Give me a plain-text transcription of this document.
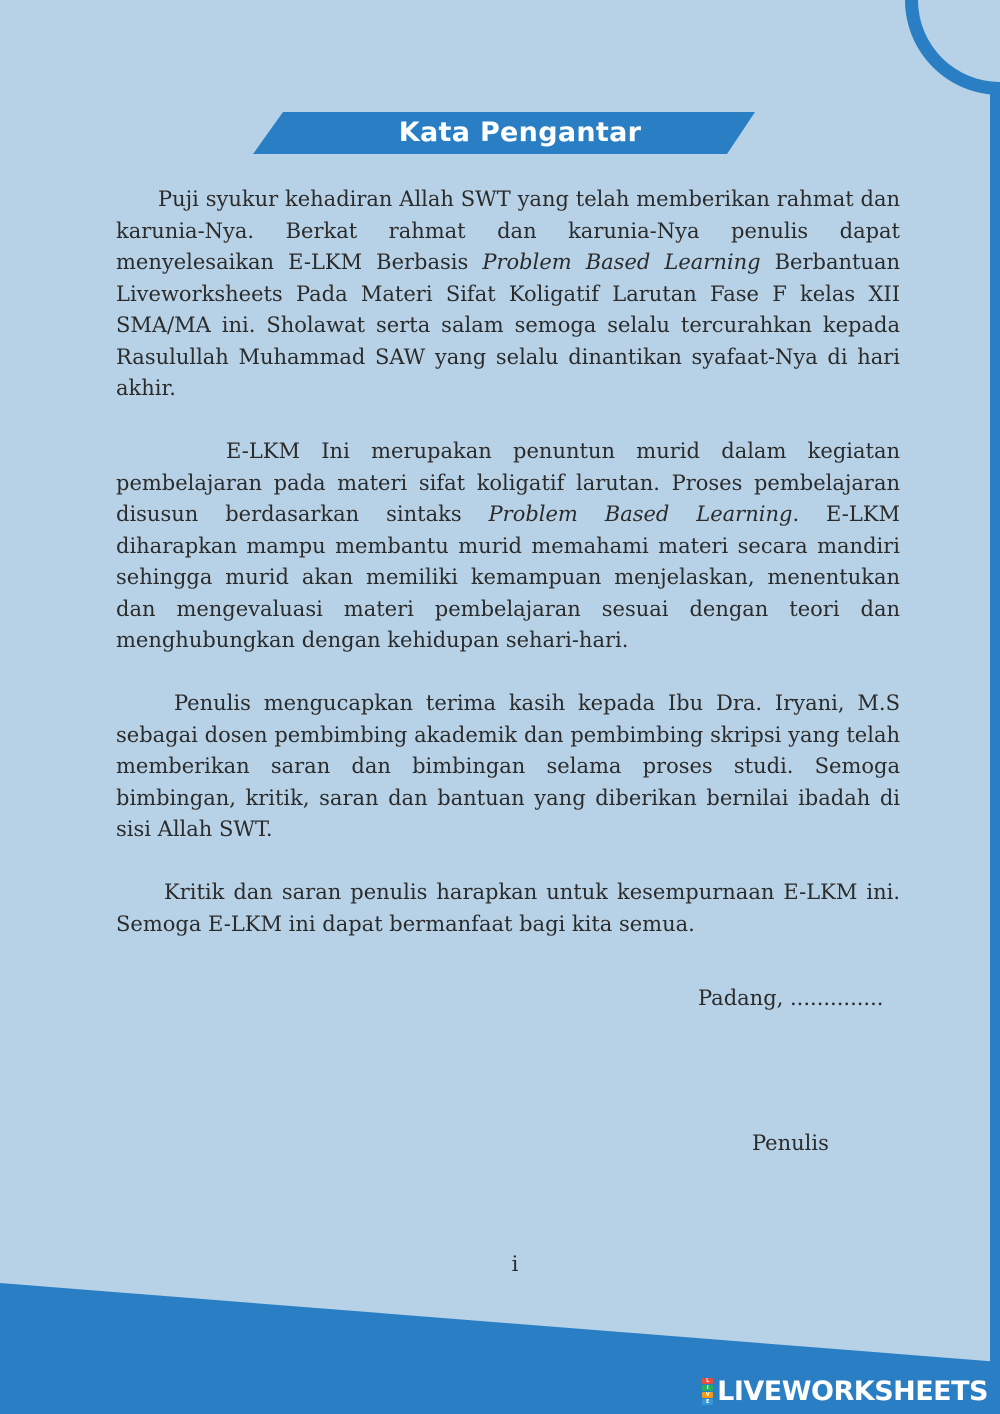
Kata Pengantar

Puji syukur kehadiran Allah SWT yang telah memberikan rahmat dan karunia-Nya. Berkat rahmat dan karunia-Nya penulis dapat menyelesaikan E-LKM Berbasis Problem Based Learning Berbantuan Liveworksheets Pada Materi Sifat Koligatif Larutan Fase F kelas XII SMA/MA ini. Sholawat serta salam semoga selalu tercurahkan kepada Rasulullah Muhammad SAW yang selalu dinantikan syafaat-Nya di hari akhir.

E-LKM Ini merupakan penuntun murid dalam kegiatan pembelajaran pada materi sifat koligatif larutan. Proses pembelajaran disusun berdasarkan sintaks Problem Based Learning. E-LKM diharapkan mampu membantu murid memahami materi secara mandiri sehingga murid akan memiliki kemampuan menjelaskan, menentukan dan mengevaluasi materi pembelajaran sesuai dengan teori dan menghubungkan dengan kehidupan sehari-hari.

Penulis mengucapkan terima kasih kepada Ibu Dra. Iryani, M.S sebagai dosen pembimbing akademik dan pembimbing skripsi yang telah memberikan saran dan bimbingan selama proses studi. Semoga bimbingan, kritik, saran dan bantuan yang diberikan bernilai ibadah di sisi Allah SWT.

Kritik dan saran penulis harapkan untuk kesempurnaan E-LKM ini. Semoga E-LKM ini dapat bermanfaat bagi kita semua.

Padang, ..............
Penulis
i
L
I
V
E LIVEWORKSHEETS
